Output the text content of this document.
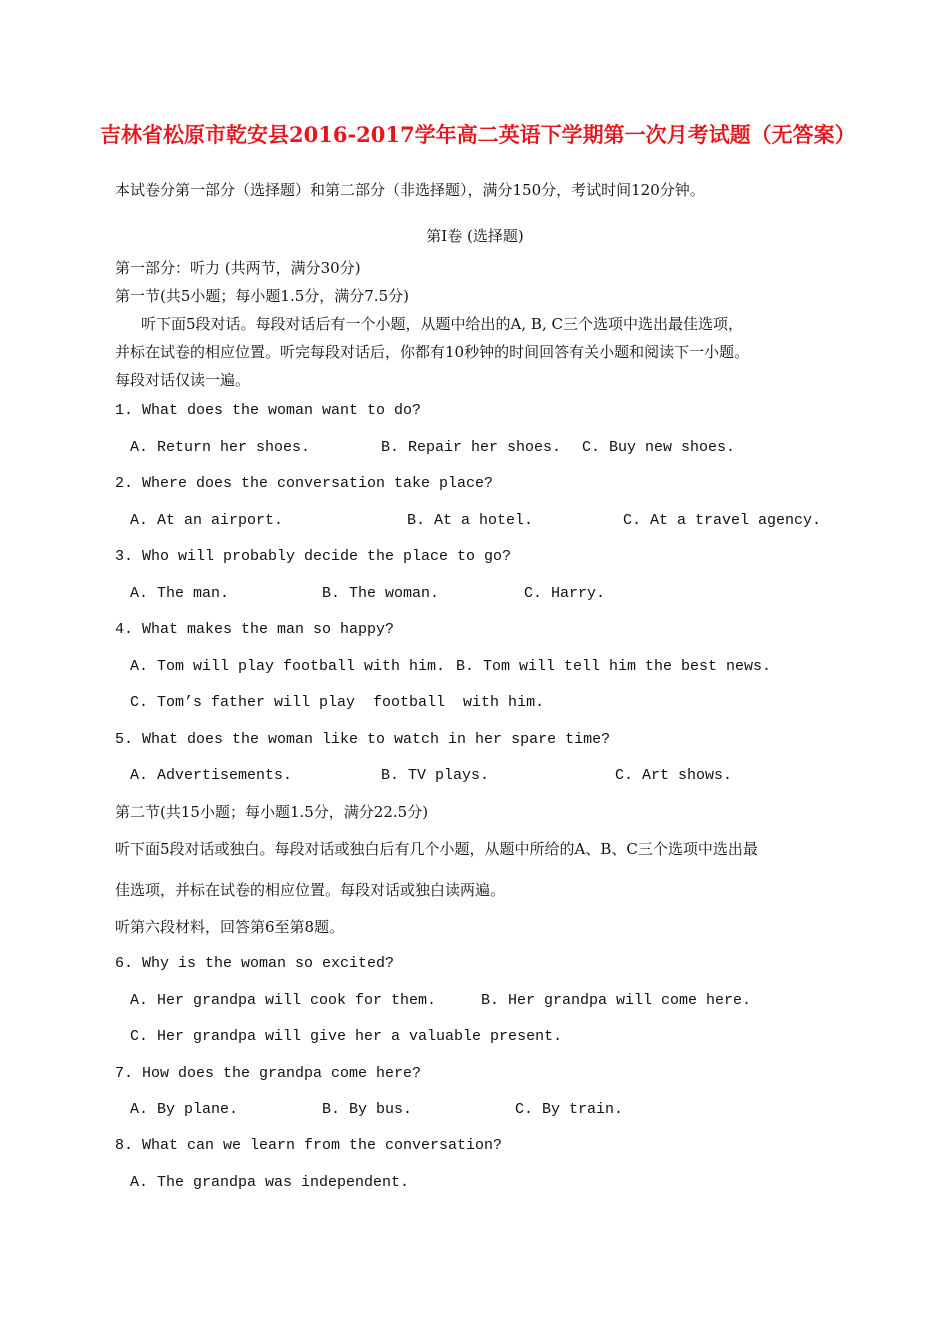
吉林省松原市乾安县2016-2017学年高二英语下学期第一次月考试题（无答案）
本试卷分第一部分（选择题）和第二部分（非选择题），满分150分，考试时间120分钟。
第Ⅰ卷 (选择题)
第一部分：听力 (共两节，满分30分)
第一节(共5小题；每小题1.5分，满分7.5分)
听下面5段对话。每段对话后有一个小题，从题中给出的A, B, C三个选项中选出最佳选项，
并标在试卷的相应位置。听完每段对话后，你都有10秒钟的时间回答有关小题和阅读下一小题。
每段对话仅读一遍。
1. What does the woman want to do?
A. Return her shoes.	B. Repair her shoes. C. Buy new shoes.
2. Where does the conversation take place?
A. At an airport.	B. At a hotel.	C. At a travel agency.
3. Who will probably decide the place to go?
A. The man.	B. The woman.	C. Harry.
4. What makes the man so happy?
A. Tom will play football with him. B. Tom will tell him the best news.
C. Tom’s father will play  football  with him.
5. What does the woman like to watch in her spare time?
A. Advertisements.	B. TV plays.	C. Art shows.
第二节(共15小题；每小题1.5分，满分22.5分)
听下面5段对话或独白。每段对话或独白后有几个小题，从题中所给的A、B、C三个选项中选出最
佳选项，并标在试卷的相应位置。每段对话或独白读两遍。
听第六段材料，回答第6至第8题。
6. Why is the woman so excited?
A. Her grandpa will cook for them.	B. Her grandpa will come here.
C. Her grandpa will give her a valuable present.
7. How does the grandpa come here?
A. By plane.	B. By bus.	C. By train.
8. What can we learn from the conversation?
A. The grandpa was independent.
